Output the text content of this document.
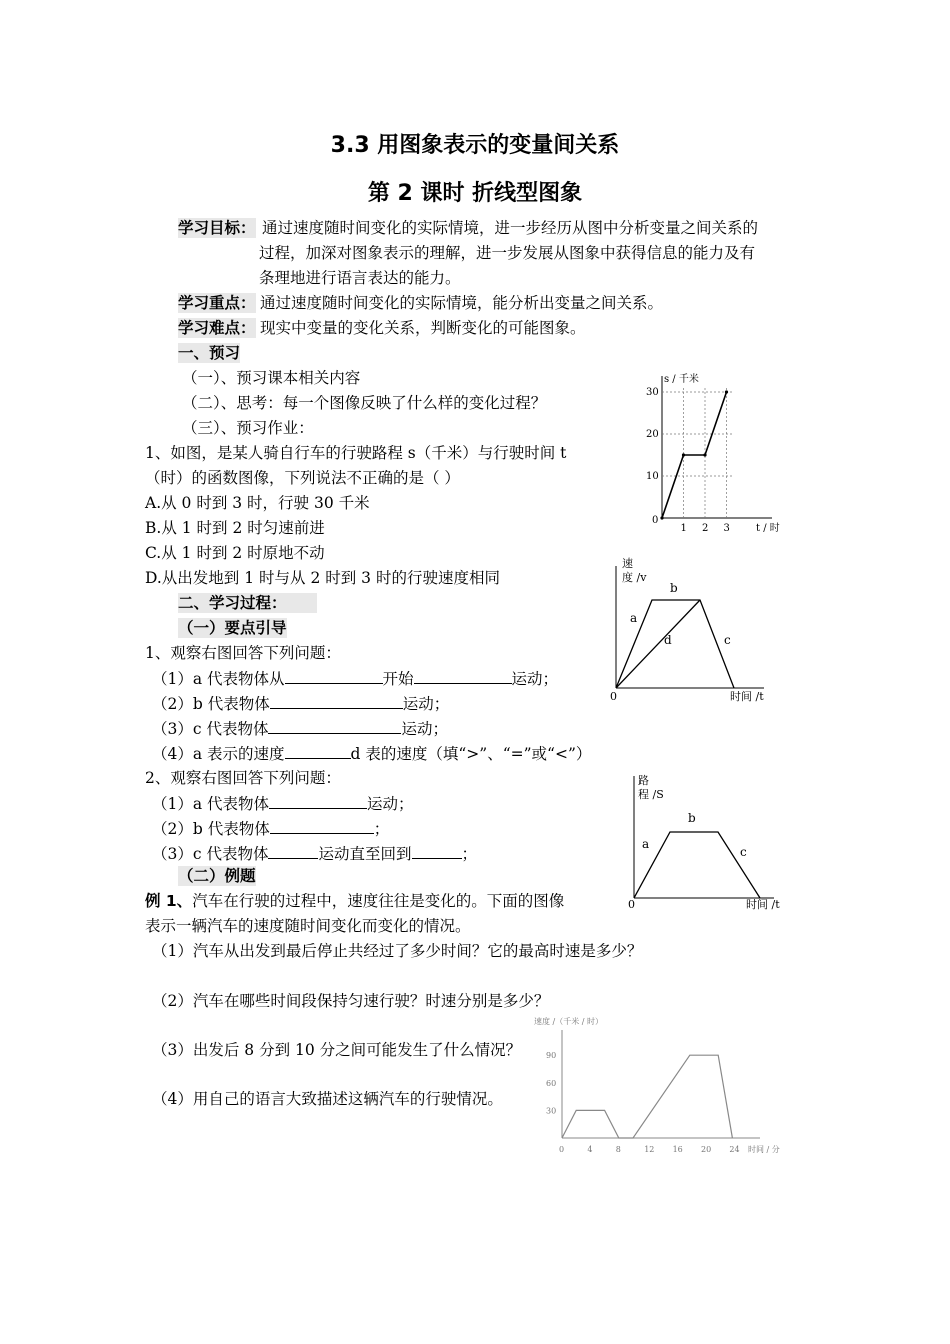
3.3 用图象表示的变量间关系
第 2 课时 折线型图象
学习目标： 通过速度随时间变化的实际情境，进一步经历从图中分析变量之间关系的
过程，加深对图象表示的理解，进一步发展从图象中获得信息的能力及有
条理地进行语言表达的能力。
学习重点： 通过速度随时间变化的实际情境，能分析出变量之间关系。
学习难点： 现实中变量的变化关系，判断变化的可能图象。
一、预习
（一）、预习课本相关内容
（二）、思考：每一个图像反映了什么样的变化过程？
（三）、预习作业：
1、如图，是某人骑自行车的行驶路程 s（千米）与行驶时间 t
（时）的函数图像，下列说法不正确的是（ ）
A.从 0 时到 3 时，行驶 30 千米
B.从 1 时到 2 时匀速前进
C.从 1 时到 2 时原地不动
D.从出发地到 1 时与从 2 时到 3 时的行驶速度相同
二、学习过程：
（一）要点引导
1、观察右图回答下列问题：
（1）a 代表物体从	开始	运动；
（2）b 代表物体	运动；
（3）c 代表物体	运动；
（4）a 表示的速度	d 表的速度（填“>”、“=”或“<”）
2、观察右图回答下列问题：
（1）a 代表物体	运动；
（2）b 代表物体	；
（3）c 代表物体	运动直至回到	；
（二）例题
例 1、汽车在行驶的过程中，速度往往是变化的。下面的图像
表示一辆汽车的速度随时间变化而变化的情况。
（1）汽车从出发到最后停止共经过了多少时间？它的最高时速是多少？
（2）汽车在哪些时间段保持匀速行驶？时速分别是多少？
（3）出发后 8 分到 10 分之间可能发生了什么情况？
（4）用自己的语言大致描述这辆汽车的行驶情况。
s / 千米
t / 时
0
30
20
10
1 2 3
速
度 /v
b
a
c
d
0	时间 /t
路
程 /S
b
a
c
0	时间 /t
速度 /（千米 / 时）
时间 / 分
90
60
30
0	4	8	12 16 20 24
